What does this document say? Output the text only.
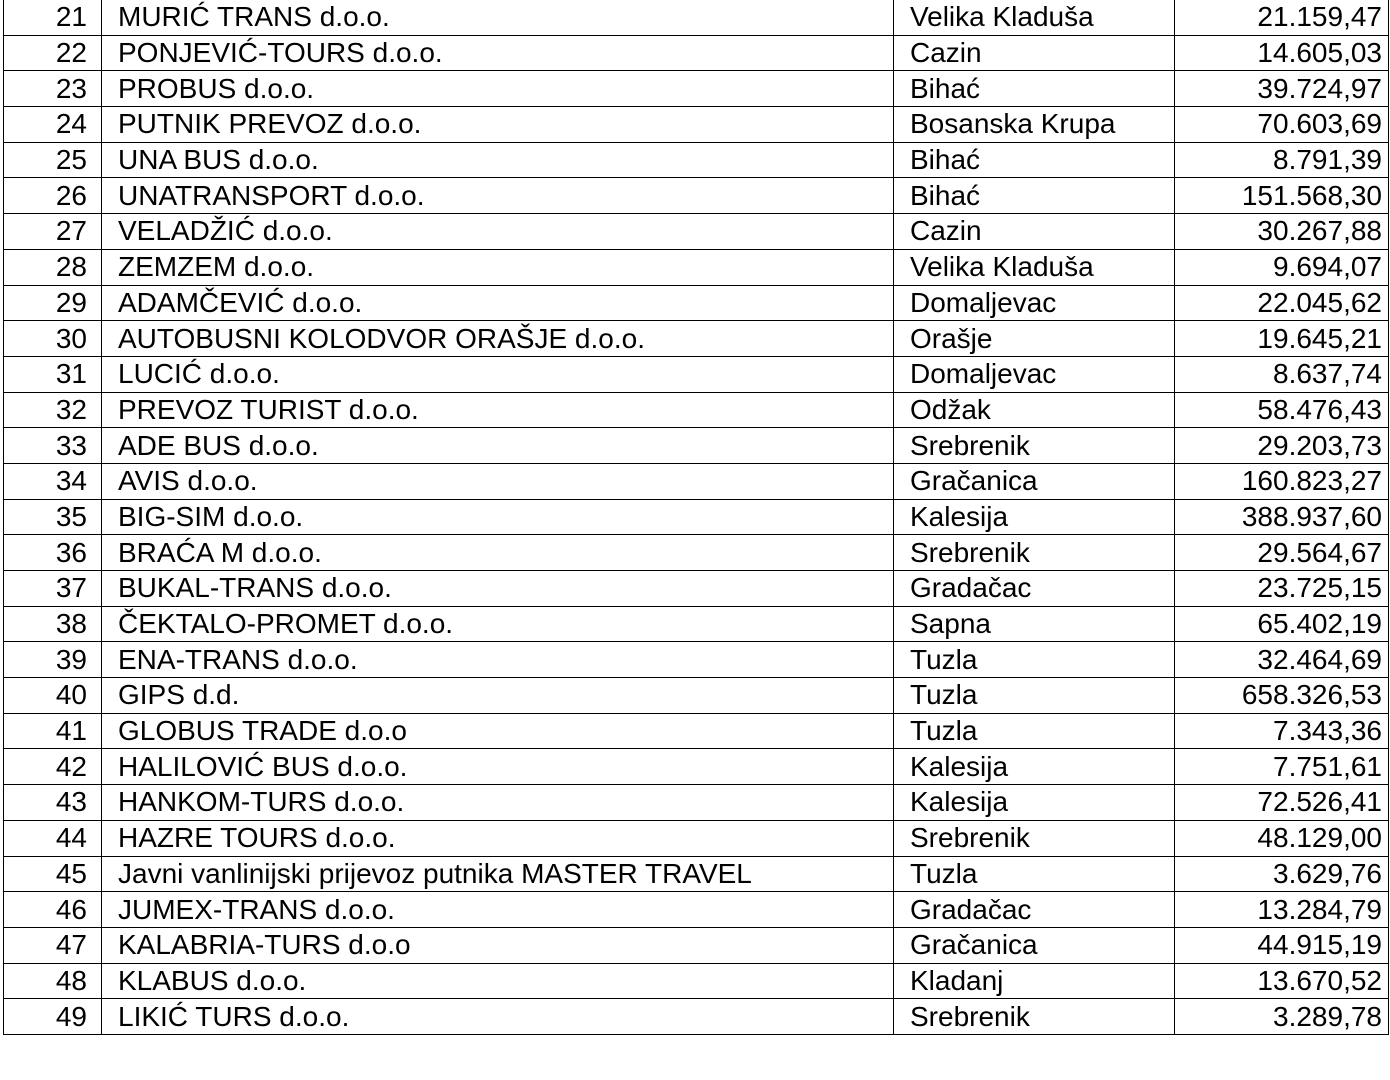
21	MURIĆ TRANS d.o.o.	Velika Kladuša	21.159,47
22	PONJEVIĆ-TOURS d.o.o.	Cazin	14.605,03
23	PROBUS d.o.o.	Bihać	39.724,97
24	PUTNIK PREVOZ d.o.o.	Bosanska Krupa	70.603,69
25	UNA BUS d.o.o.	Bihać	8.791,39
26	UNATRANSPORT d.o.o.	Bihać	151.568,30
27	VELADŽIĆ d.o.o.	Cazin	30.267,88
28	ZEMZEM d.o.o.	Velika Kladuša	9.694,07
29	ADAMČEVIĆ d.o.o.	Domaljevac	22.045,62
30	AUTOBUSNI KOLODVOR ORAŠJE d.o.o.	Orašje	19.645,21
31	LUCIĆ d.o.o.	Domaljevac	8.637,74
32	PREVOZ TURIST d.o.o.	Odžak	58.476,43
33	ADE BUS d.o.o.	Srebrenik	29.203,73
34	AVIS d.o.o.	Gračanica	160.823,27
35	BIG-SIM d.o.o.	Kalesija	388.937,60
36	BRAĆA M d.o.o.	Srebrenik	29.564,67
37	BUKAL-TRANS d.o.o.	Gradačac	23.725,15
38	ČEKTALO-PROMET d.o.o.	Sapna	65.402,19
39	ENA-TRANS d.o.o.	Tuzla	32.464,69
40	GIPS d.d.	Tuzla	658.326,53
41	GLOBUS TRADE d.o.o	Tuzla	7.343,36
42	HALILOVIĆ BUS d.o.o.	Kalesija	7.751,61
43	HANKOM-TURS d.o.o.	Kalesija	72.526,41
44	HAZRE TOURS d.o.o.	Srebrenik	48.129,00
45	Javni vanlinijski prijevoz putnika MASTER TRAVEL	Tuzla	3.629,76
46	JUMEX-TRANS d.o.o.	Gradačac	13.284,79
47	KALABRIA-TURS d.o.o	Gračanica	44.915,19
48	KLABUS d.o.o.	Kladanj	13.670,52
49	LIKIĆ TURS d.o.o.	Srebrenik	3.289,78
